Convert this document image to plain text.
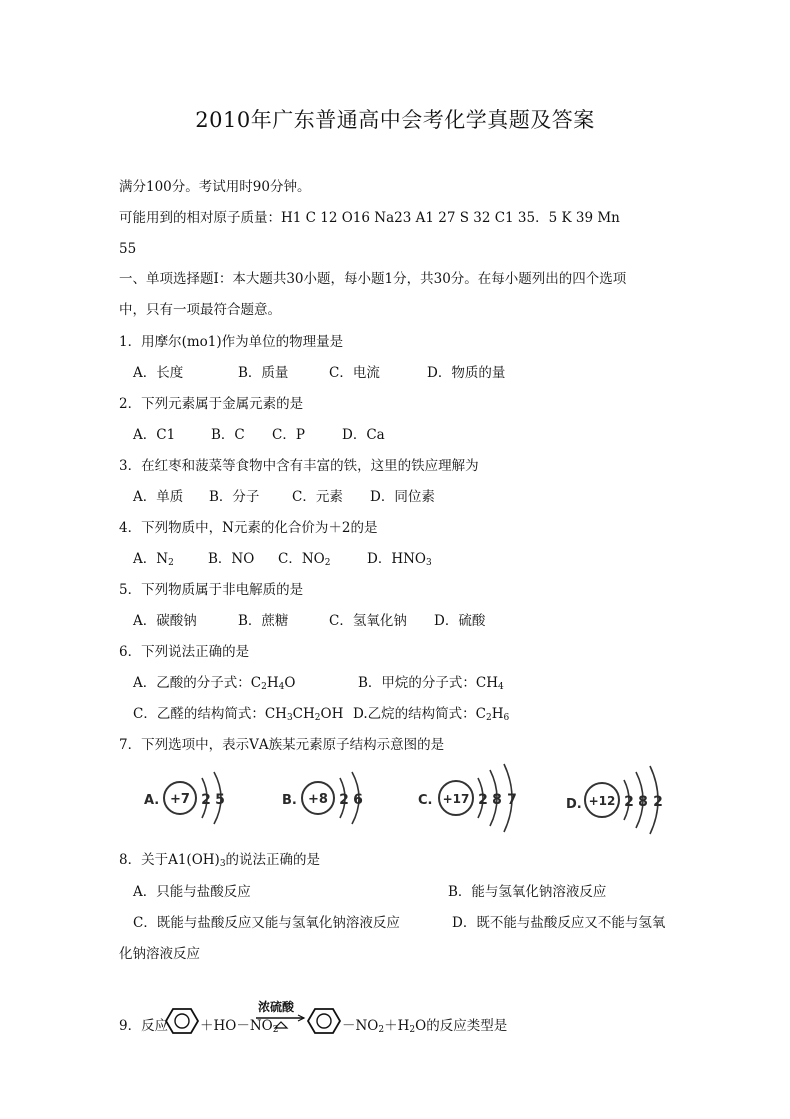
2010年广东普通高中会考化学真题及答案
满分100分。考试用时90分钟。
可能用到的相对原子质量：H1 C 12 O16 Na23 A1 27 S 32 C1 35．5 K 39 Mn
55
一、单项选择题Ⅰ：本大题共30小题，每小题1分，共30分。在每小题列出的四个选项
中，只有一项最符合题意。
1．用摩尔(mo1)作为单位的物理量是
A．长度	B．质量	C．电流	D．物质的量
2．下列元素属于金属元素的是
A．C1	B．C C．P	D．Ca
3．在红枣和菠菜等食物中含有丰富的铁，这里的铁应理解为
A．单质 B．分子 C．元素 D．同位素
4．下列物质中，N元素的化合价为＋2的是
A．$N_2$	B．NO C．$NO_2$	D．$HNO_3$
5．下列物质属于非电解质的是
A．碳酸钠	B．蔗糖	C．氢氧化钠 D．硫酸
6．下列说法正确的是
A．乙酸的分子式：$C_2H_4O$	B．甲烷的分子式：$CH_4$
C．乙醛的结构简式：$CH_3CH_2OH$ D.乙烷的结构简式：$C_2H_6$
7．下列选项中，表示ⅤA族某元素原子结构示意图的是
A. +7 2 5	B. +8 2 6	C. +17 2 8 7	D. +12 2 8 2
8．关于$A1(OH)_3$的说法正确的是
A．只能与盐酸反应	B．能与氢氧化钠溶液反应
C．既能与盐酸反应又能与氢氧化钠溶液反应	D．既不能与盐酸反应又不能与氢氧
化钠溶液反应
9．反应 $+HO-NO_2$
浓硫酸
$-NO_2+H_2O$的反应类型是
